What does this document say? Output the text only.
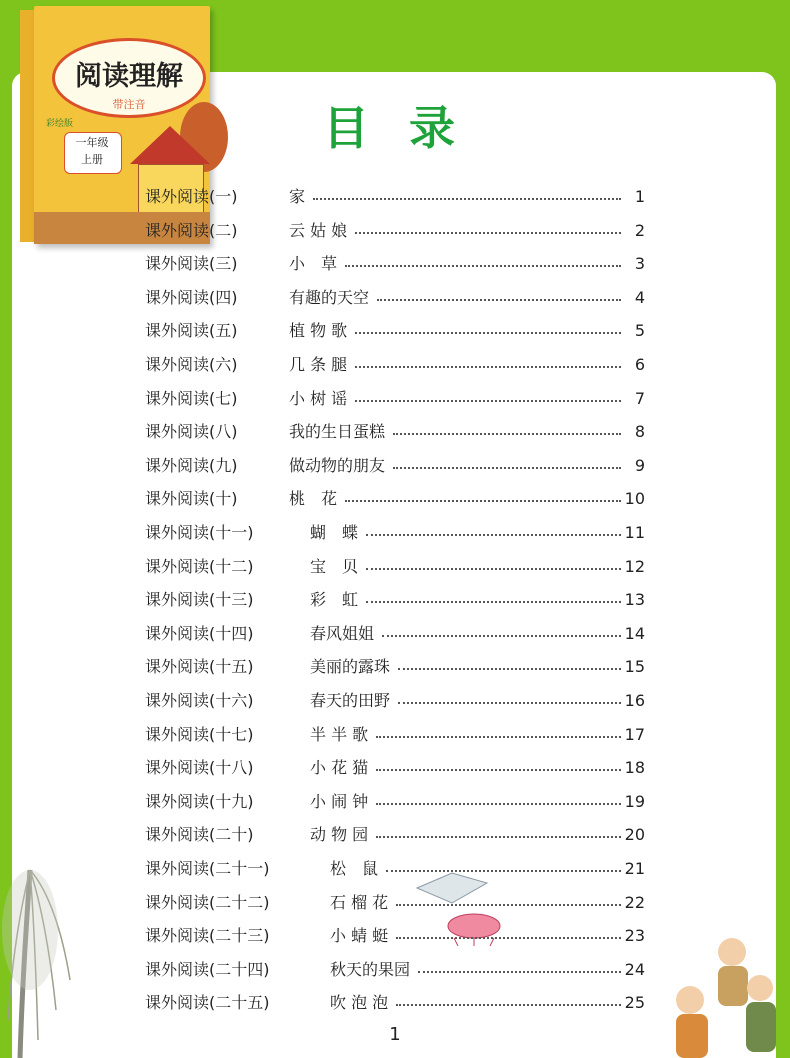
阅读理解
带注音
彩绘版
一年级
上册
目 录
课外阅读(一)	家	1
课外阅读(二)	云 姑 娘	2
课外阅读(三)	小　草	3
课外阅读(四)	有趣的天空	4
课外阅读(五)	植 物 歌	5
课外阅读(六)	几 条 腿	6
课外阅读(七)	小 树 谣	7
课外阅读(八)	我的生日蛋糕	8
课外阅读(九)	做动物的朋友	9
课外阅读(十)	桃　花	10
课外阅读(十一)	蝴　蝶	11
课外阅读(十二)	宝　贝	12
课外阅读(十三)	彩　虹	13
课外阅读(十四)	春风姐姐	14
课外阅读(十五)	美丽的露珠	15
课外阅读(十六)	春天的田野	16
课外阅读(十七)	半 半 歌	17
课外阅读(十八)	小 花 猫	18
课外阅读(十九)	小 闹 钟	19
课外阅读(二十)	动 物 园	20
课外阅读(二十一)	松　鼠	21
课外阅读(二十二)	石 榴 花	22
课外阅读(二十三)	小 蜻 蜓	23
课外阅读(二十四)	秋天的果园	24
课外阅读(二十五)	吹 泡 泡	25
1
